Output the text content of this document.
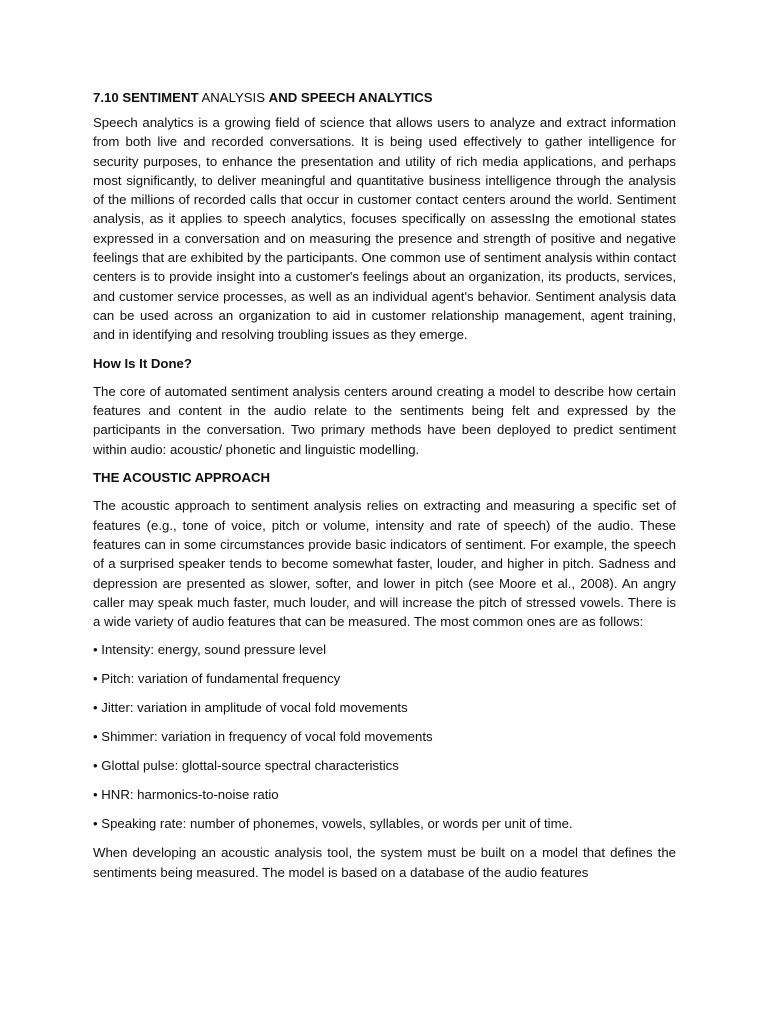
7.10 SENTIMENT ANALYSIS AND SPEECH ANALYTICS

Speech analytics is a growing field of science that allows users to analyze and extract information from both live and recorded conversations. It is being used effectively to gather intelligence for security purposes, to enhance the presentation and utility of rich media applications, and perhaps most significantly, to deliver meaningful and quantitative business intelligence through the analysis of the millions of recorded calls that occur in customer contact centers around the world. Sentiment analysis, as it applies to speech analytics, focuses specifically on assessIng the emotional states expressed in a conversation and on measuring the presence and strength of positive and negative feelings that are exhibited by the participants. One common use of sentiment analysis within contact centers is to provide insight into a customer's feelings about an organization, its products, services, and customer service processes, as well as an individual agent's behavior. Sentiment analysis data can be used across an organization to aid in customer relationship management, agent training, and in identifying and resolving troubling issues as they emerge.

How Is It Done?

The core of automated sentiment analysis centers around creating a model to describe how certain features and content in the audio relate to the sentiments being felt and expressed by the participants in the conversation. Two primary methods have been deployed to predict sentiment within audio: acoustic/ phonetic and linguistic modelling.

THE ACOUSTIC APPROACH

The acoustic approach to sentiment analysis relies on extracting and measuring a specific set of features (e.g., tone of voice, pitch or volume, intensity and rate of speech) of the audio. These features can in some circumstances provide basic indicators of sentiment. For example, the speech of a surprised speaker tends to become somewhat faster, louder, and higher in pitch. Sadness and depression are presented as slower, softer, and lower in pitch (see Moore et al., 2008). An angry caller may speak much faster, much louder, and will increase the pitch of stressed vowels. There is a wide variety of audio features that can be measured. The most common ones are as follows:

• Intensity: energy, sound pressure level
• Pitch: variation of fundamental frequency
• Jitter: variation in amplitude of vocal fold movements
• Shimmer: variation in frequency of vocal fold movements
• Glottal pulse: glottal-source spectral characteristics
• HNR: harmonics-to-noise ratio
• Speaking rate: number of phonemes, vowels, syllables, or words per unit of time.

When developing an acoustic analysis tool, the system must be built on a model that defines the sentiments being measured. The model is based on a database of the audio features
